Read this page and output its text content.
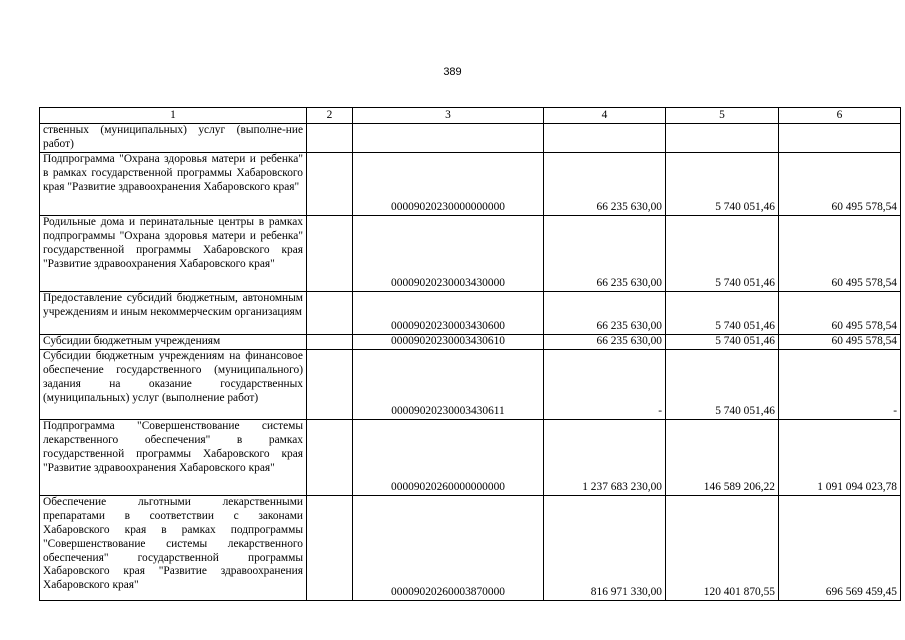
389
1	2	3	4	5	6
ственных (муниципальных) услуг (выполне-ние работ)					
Подпрограмма "Охрана здоровья матери и ребенка" в рамках государственной программы Хабаровского края "Развитие здравоохранения Хабаровского края"		00009020230000000000	66 235 630,00	5 740 051,46	60 495 578,54
Родильные дома и перинатальные центры в рамках подпрограммы "Охрана здоровья матери и ребенка" государственной программы Хабаровского края "Развитие здравоохранения Хабаровского края"		00009020230003430000	66 235 630,00	5 740 051,46	60 495 578,54
Предоставление субсидий бюджетным, автономным учреждениям и иным некоммерческим организациям		00009020230003430600	66 235 630,00	5 740 051,46	60 495 578,54
Субсидии бюджетным учреждениям		00009020230003430610	66 235 630,00	5 740 051,46	60 495 578,54
Субсидии бюджетным учреждениям на финансовое обеспечение государственного (муниципального) задания на оказание государственных (муниципальных) услуг (выполнение работ)		00009020230003430611	-	5 740 051,46	-
Подпрограмма "Совершенствование системы лекарственного обеспечения" в рамках государственной программы Хабаровского края "Развитие здравоохранения Хабаровского края"		00009020260000000000	1 237 683 230,00	146 589 206,22	1 091 094 023,78
Обеспечение льготными лекарственными препаратами в соответствии с законами Хабаровского края в рамках подпрограммы "Совершенствование системы лекарственного обеспечения" государственной программы Хабаровского края "Развитие здравоохранения Хабаровского края"		00009020260003870000	816 971 330,00	120 401 870,55	696 569 459,45
